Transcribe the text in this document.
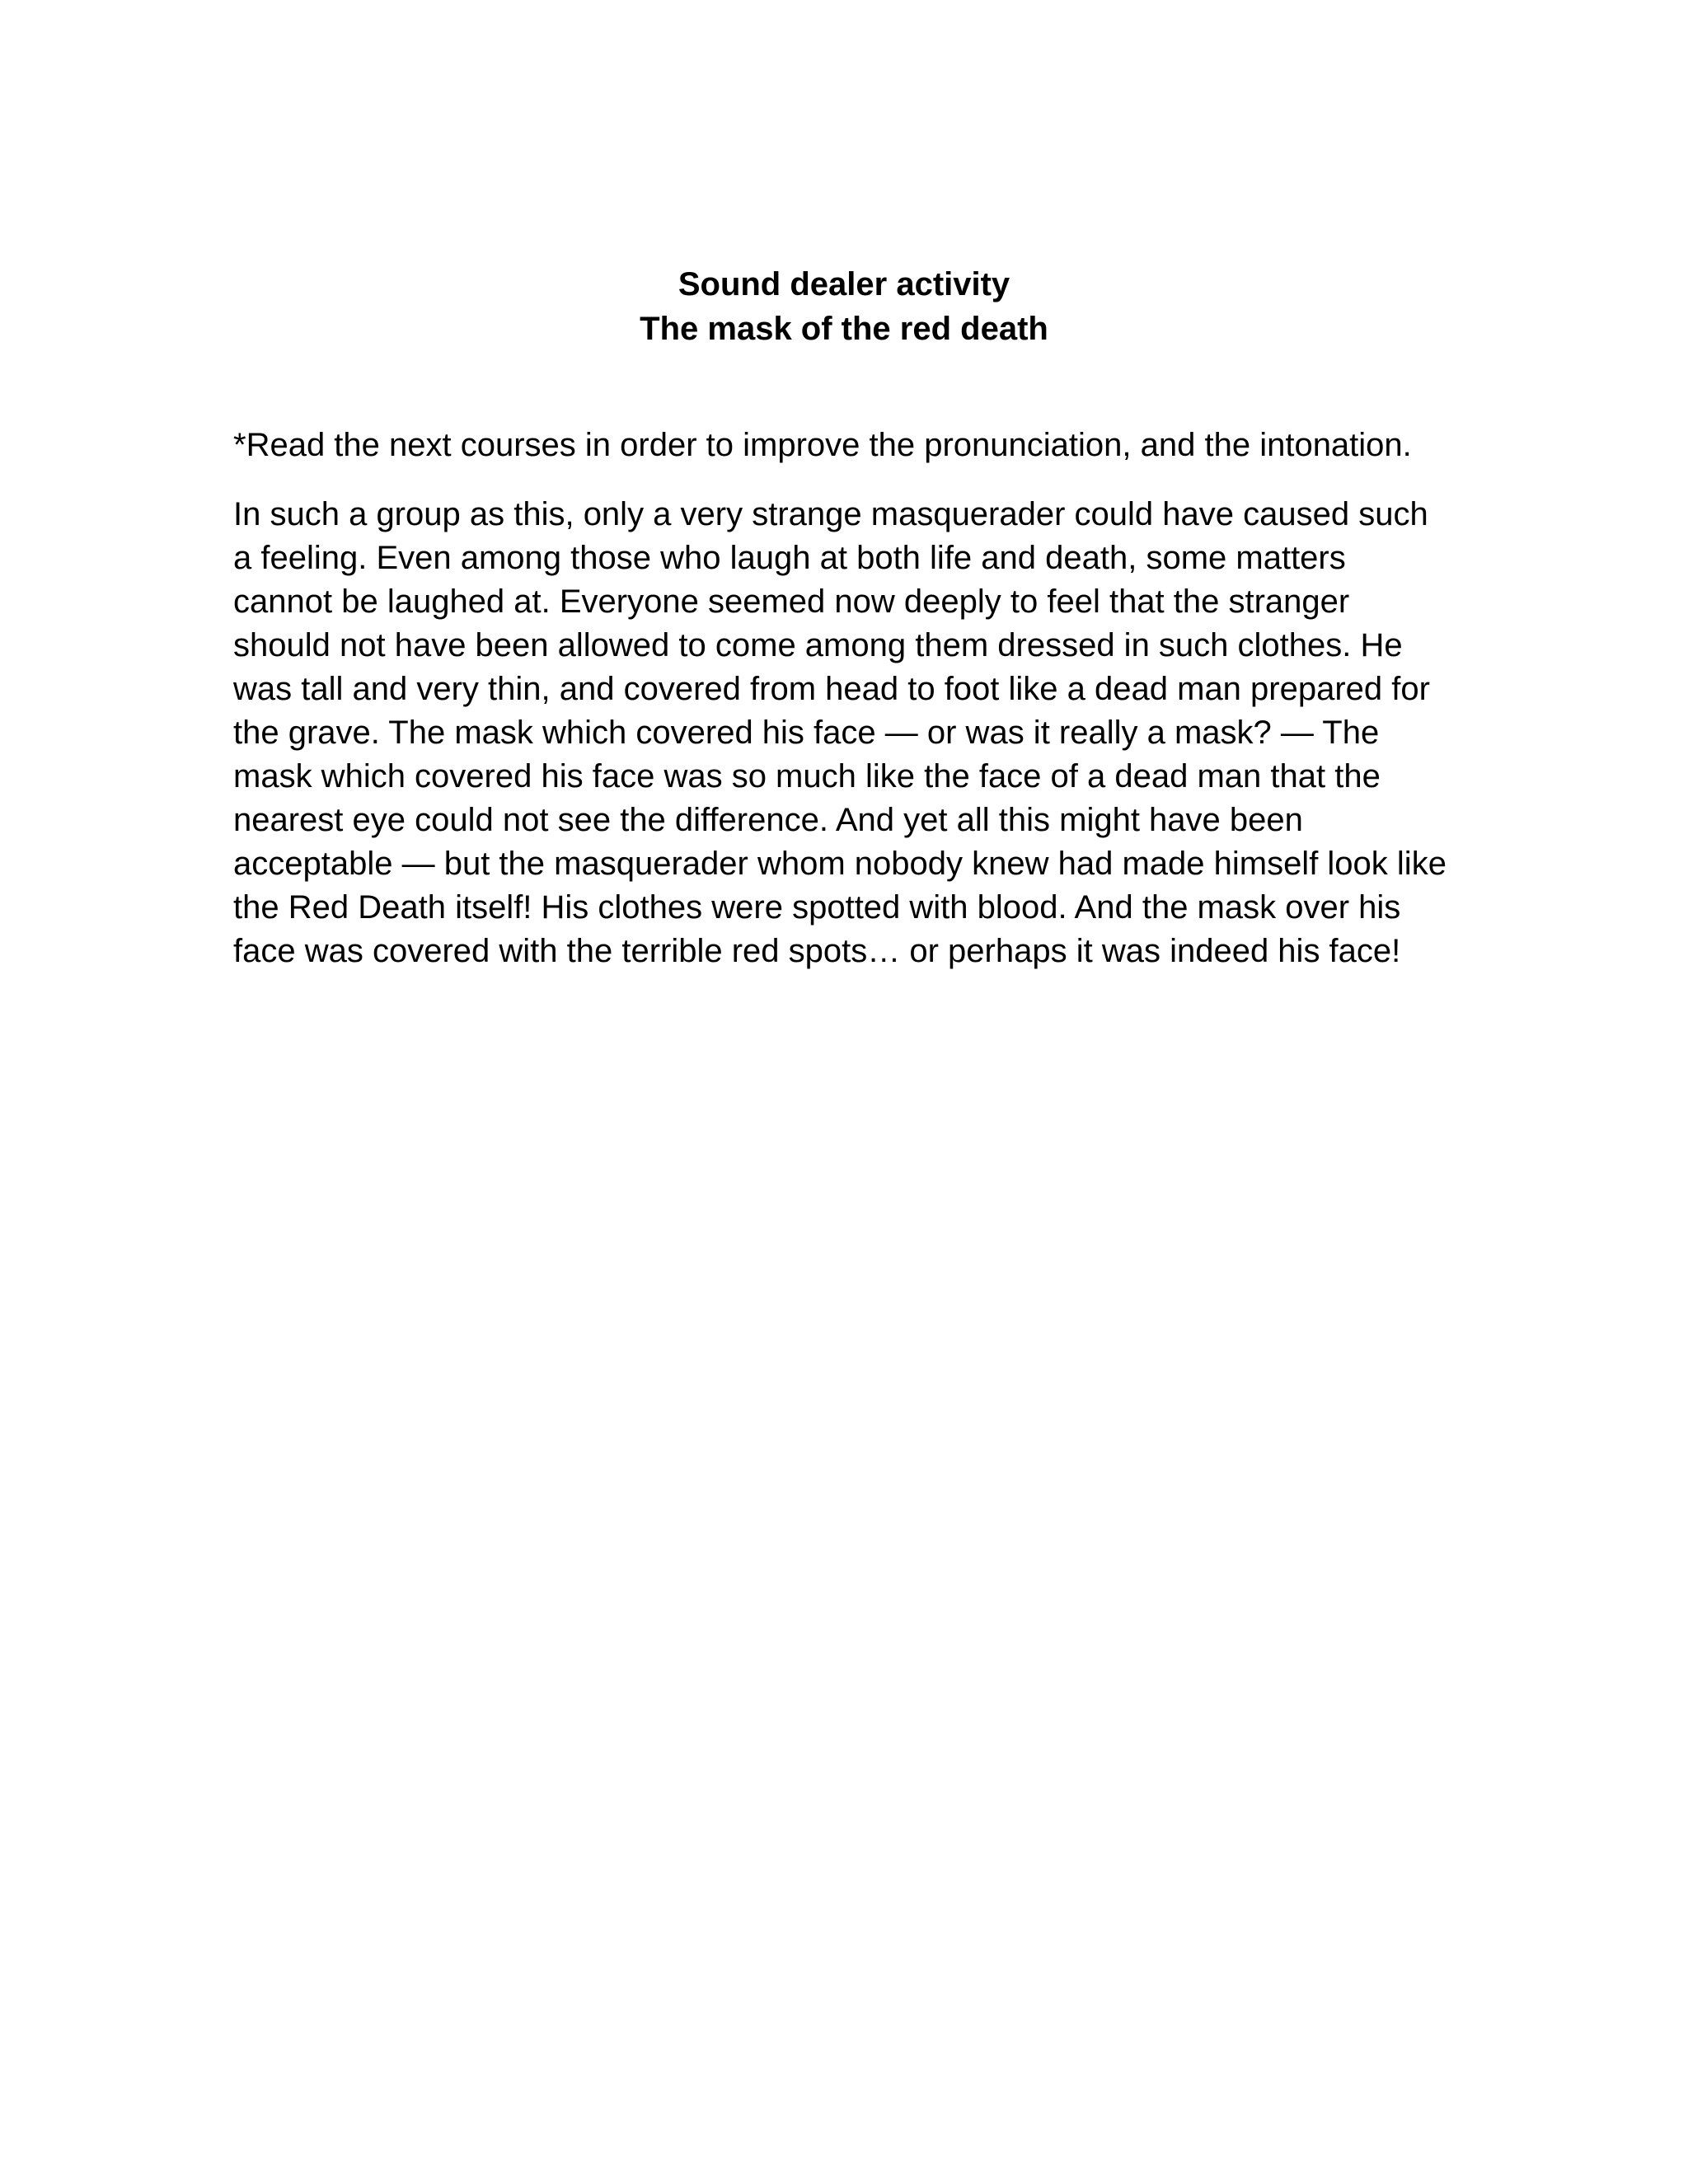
Sound dealer activity
The mask of the red death

*Read the next courses in order to improve the pronunciation, and the intonation.

In such a group as this, only a very strange masquerader could have caused such
a feeling. Even among those who laugh at both life and death, some matters
cannot be laughed at. Everyone seemed now deeply to feel that the stranger
should not have been allowed to come among them dressed in such clothes. He
was tall and very thin, and covered from head to foot like a dead man prepared for
the grave. The mask which covered his face — or was it really a mask? — The
mask which covered his face was so much like the face of a dead man that the
nearest eye could not see the difference. And yet all this might have been
acceptable — but the masquerader whom nobody knew had made himself look like
the Red Death itself! His clothes were spotted with blood. And the mask over his
face was covered with the terrible red spots… or perhaps it was indeed his face!
